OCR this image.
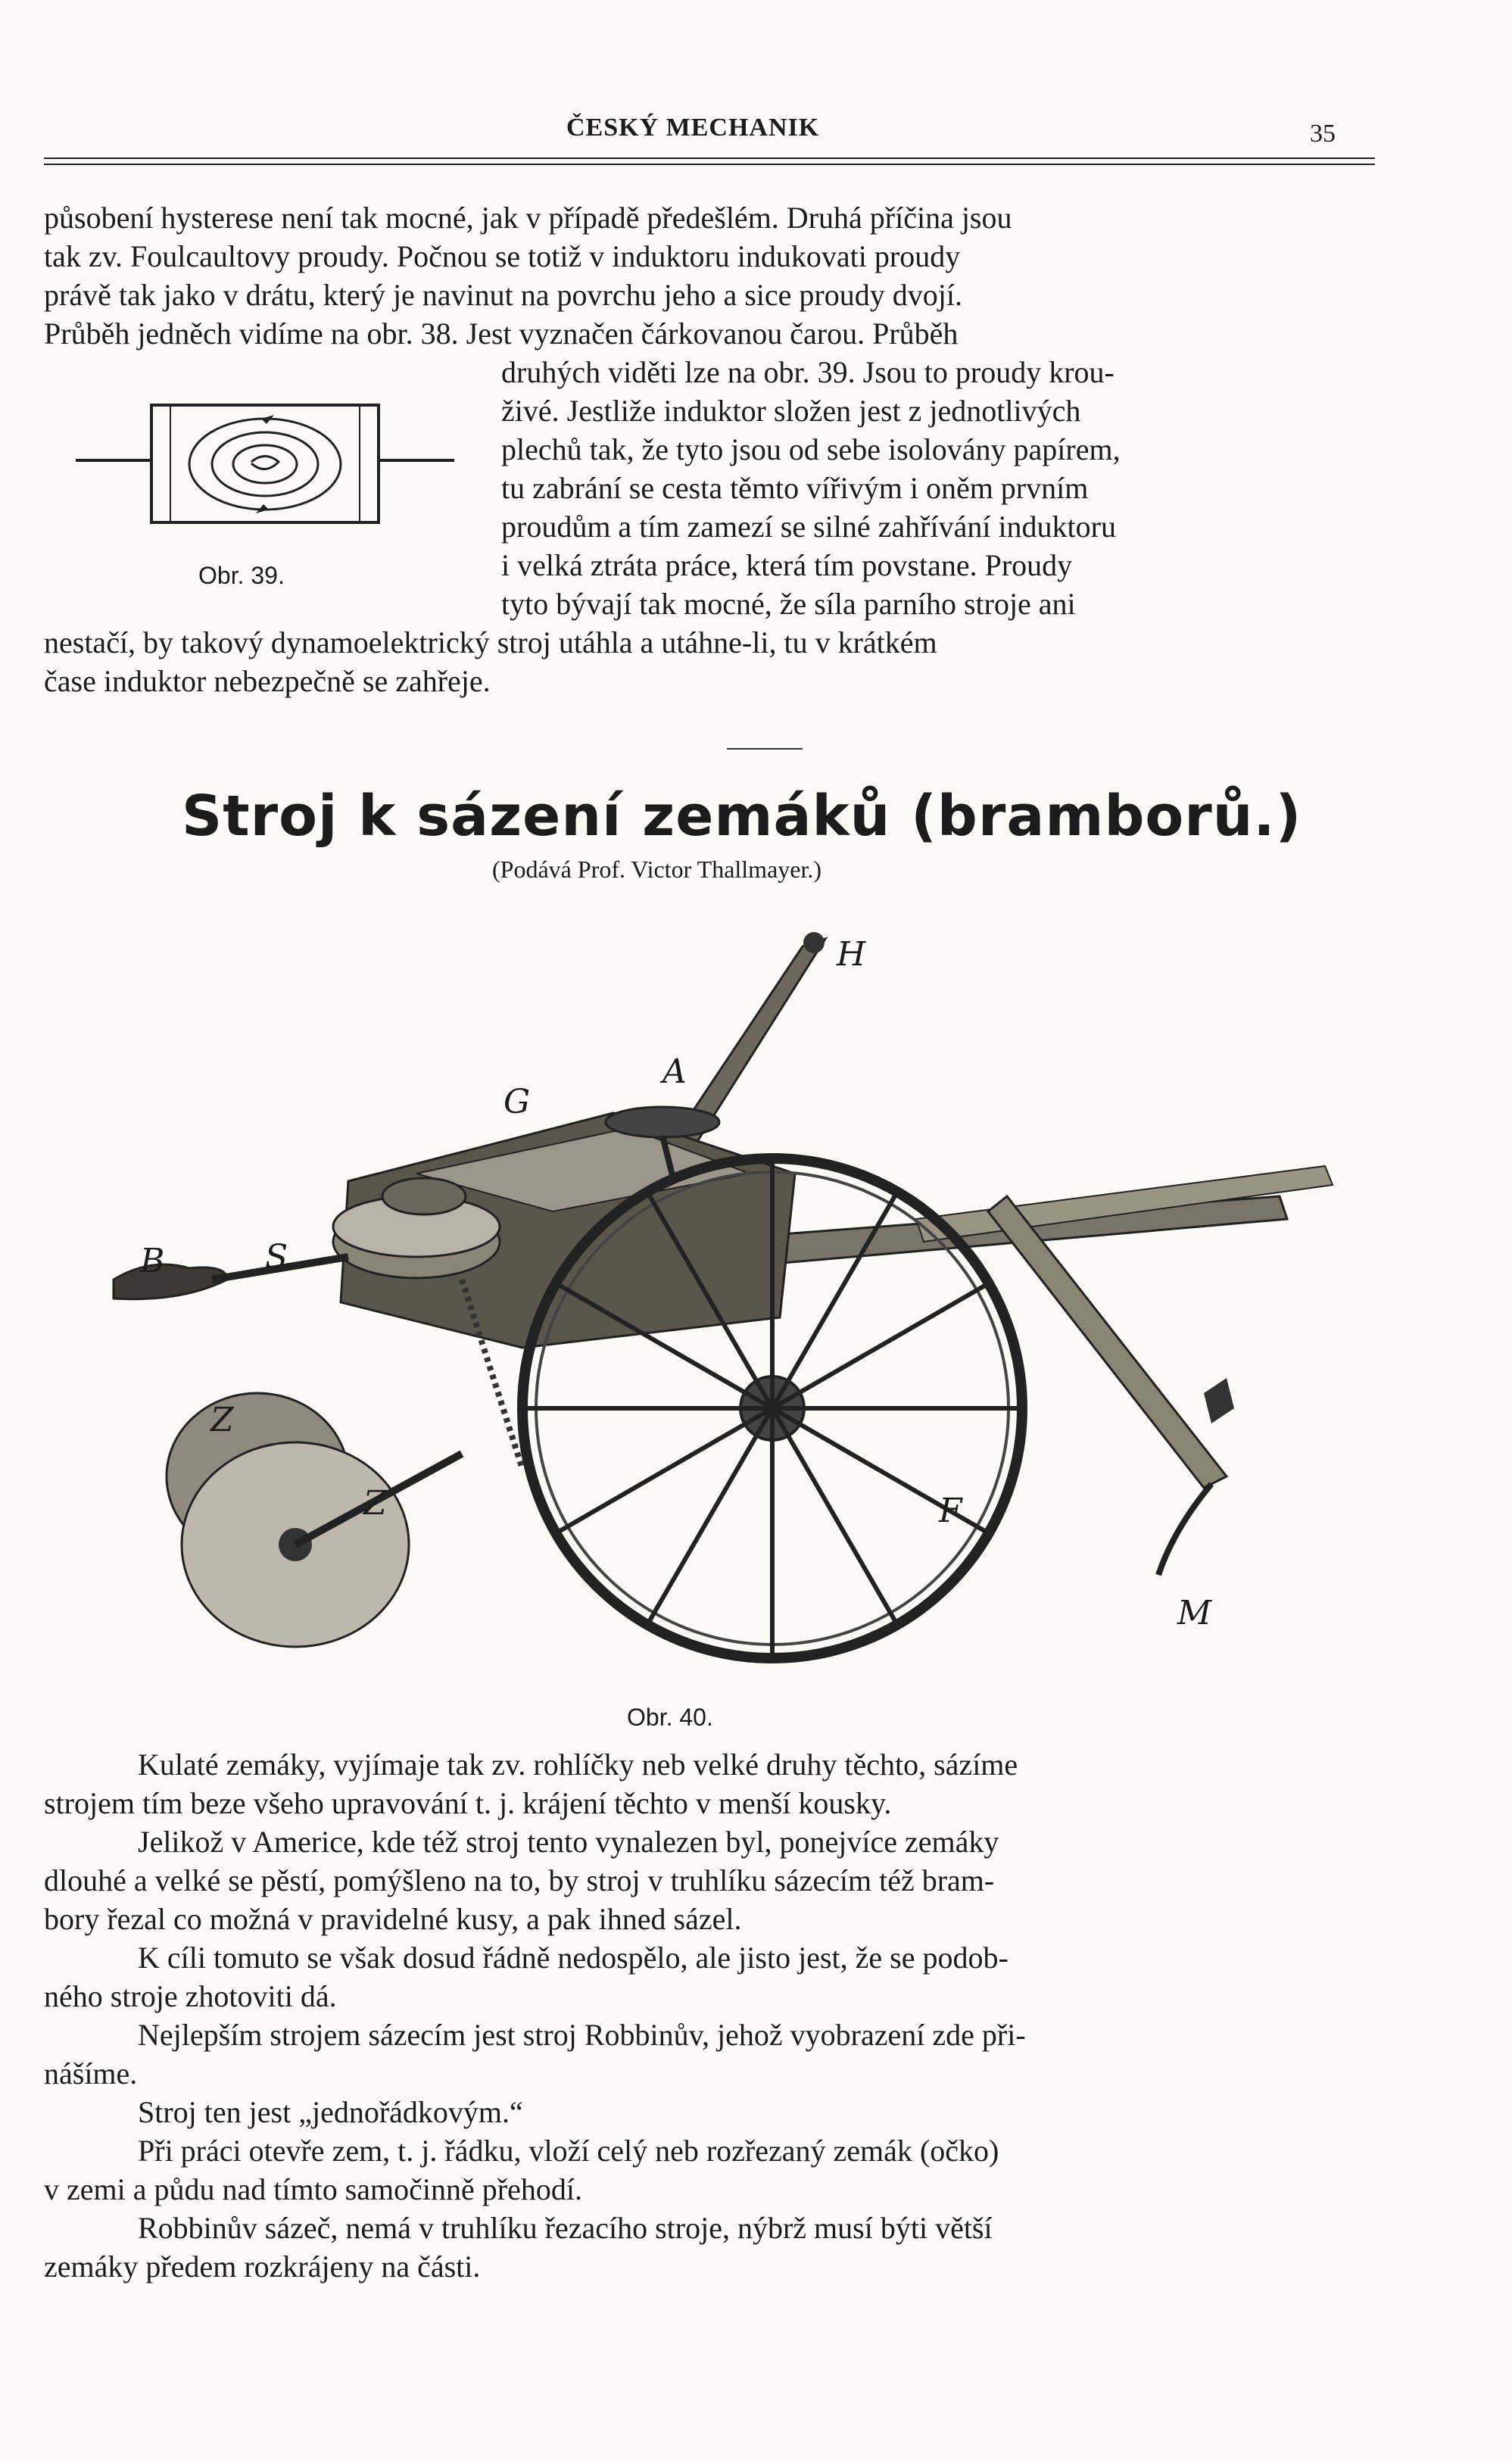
ČESKÝ MECHANIK	35
působení hysterese není tak mocné, jak v případě předešlém. Druhá příčina jsou
tak zv. Foulcaultovy proudy. Počnou se totiž v induktoru indukovati proudy
právě tak jako v drátu, který je navinut na povrchu jeho a sice proudy dvojí.
Průběh jedněch vidíme na obr. 38. Jest vyznačen čárkovanou čarou. Průběh
druhých viděti lze na obr. 39. Jsou to proudy krou-
živé. Jestliže induktor složen jest z jednotlivých
plechů tak, že tyto jsou od sebe isolovány papírem,
tu zabrání se cesta těmto vířivým i oněm prvním
proudům a tím zamezí se silné zahřívání induktoru
i velká ztráta práce, která tím povstane. Proudy
tyto bývají tak mocné, že síla parního stroje ani
nestačí, by takový dynamoelektrický stroj utáhla a utáhne-li, tu v krátkém
čase induktor nebezpečně se zahřeje.
Obr. 39.
Stroj k sázení zemáků (bramborů.)
(Podává Prof. Victor Thallmayer.)
H
A
G
B	S
Z
Z	F
M
Obr. 40.
Kulaté zemáky, vyjímaje tak zv. rohlíčky neb velké druhy těchto, sázíme
strojem tím beze všeho upravování t. j. krájení těchto v menší kousky.
Jelikož v Americe, kde též stroj tento vynalezen byl, ponejvíce zemáky
dlouhé a velké se pěstí, pomýšleno na to, by stroj v truhlíku sázecím též bram-
bory řezal co možná v pravidelné kusy, a pak ihned sázel.
K cíli tomuto se však dosud řádně nedospělo, ale jisto jest, že se podob-
ného stroje zhotoviti dá.
Nejlepším strojem sázecím jest stroj Robbinův, jehož vyobrazení zde při-
nášíme.
Stroj ten jest „jednořádkovým.“
Při práci otevře zem, t. j. řádku, vloží celý neb rozřezaný zemák (očko)
v zemi a půdu nad tímto samočinně přehodí.
Robbinův sázeč, nemá v truhlíku řezacího stroje, nýbrž musí býti větší
zemáky předem rozkrájeny na části.
